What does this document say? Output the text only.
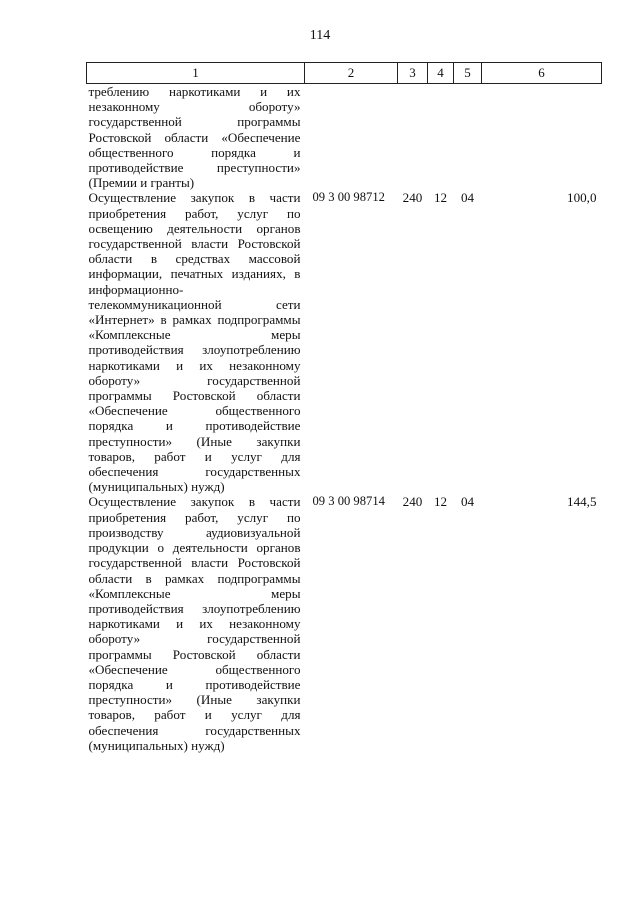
114
1	2	3	4	5	6
треблению наркотиками и их незаконному обороту» государственной программы Ростовской области «Обеспечение общественного порядка и противодействие преступности» (Премии и гранты)					
Осуществление закупок в части приобретения работ, услуг по освещению деятельности органов государственной власти Ростовской области в средствах массовой информации, печатных изданиях, в информационно-телекоммуникационной сети «Интернет» в рамках подпрограммы «Комплексные меры противодействия злоупотреблению наркотиками и их незаконному обороту» государственной программы Ростовской области «Обеспечение общественного порядка и противодействие преступности» (Иные закупки товаров, работ и услуг для обеспечения государственных (муниципальных) нужд)	09 3 00 98712	240	12	04	100,0
Осуществление закупок в части приобретения работ, услуг по производству аудиовизуальной продукции о деятельности органов государственной власти Ростовской области в рамках подпрограммы «Комплексные меры противодействия злоупотреблению наркотиками и их незаконному обороту» государственной программы Ростовской области «Обеспечение общественного порядка и противодействие преступности» (Иные закупки товаров, работ и услуг для обеспечения государственных (муниципальных) нужд)	09 3 00 98714	240	12	04	144,5
